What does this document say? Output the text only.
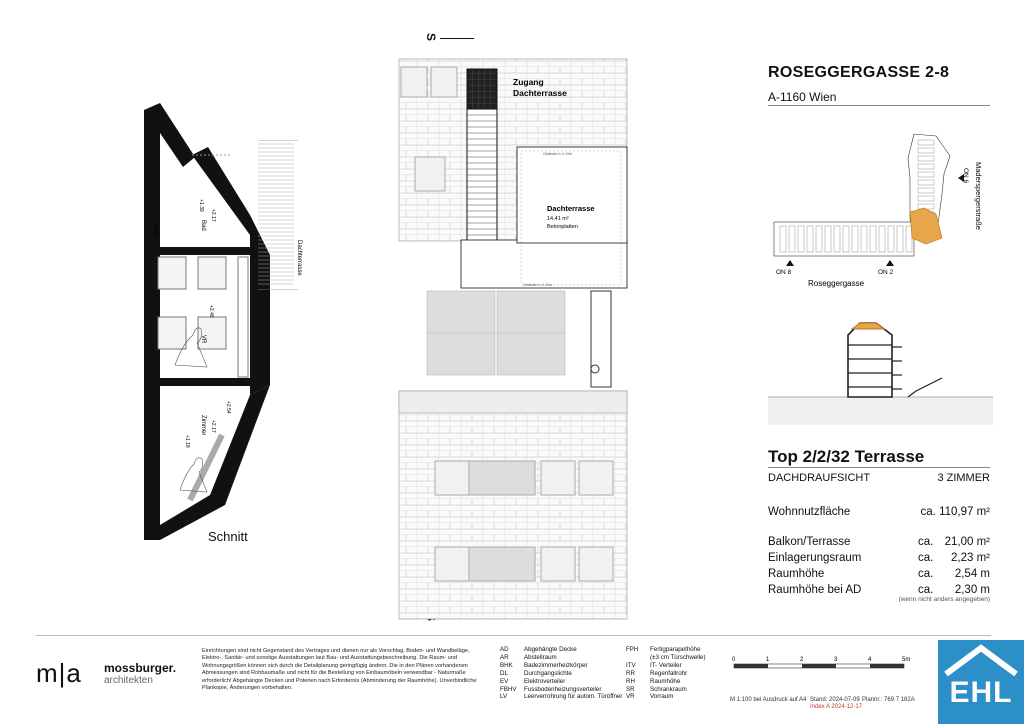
Bad
VR
Zimmer
FBOK
+1.39
+2.17
+2.46
+2.54
+2.17
+1.18
Dachterrasse
Schnitt
S
Zugang
Dachterrasse
Dachterrasse
14,41 m²
Betonplatten
Geländer h=1.10m
Geländer h=1.10m
ROSEGGERGASSE 2-8
A-1160 Wien
ON 8	ON 2
ON 6 Maderspergerstraße
Roseggergasse
Top 2/2/32 Terrasse
DACHDRAUFSICHT	3 ZIMMER
Wohnnutzfläche	ca. 110,97 m²
Balkon/Terrasse	ca. 21,00 m²
Einlagerungsraum	ca.	2,23 m²
Raumhöhe	ca.	2,54 m
Raumhöhe bei AD	ca.	2,30 m
(wenn nicht anders angegeben)
m|a mossburger.
architekten
Einrichtungen sind nicht Gegenstand des Vertrages und dienen nur als Vorschlag. Boden- und Wandbeläge, Elektro-, Sanitär- und sonstige Ausstattungen laut Bau- und Ausstattungsbeschreibung. Die Raum- und Wohnungsgrößen können sich durch die Detailplanung geringfügig ändern. Die in den Plänen vorhandenen Abmessungen sind Rohbaumaße und nicht für die Bestellung von Einbaumöbeln verwendbar - Naturmaße erforderlich! Abgehängte Decken und Poterien nach Erfordernis (Abminderung der Raumhöhe). Unverbindliche Plankopie, Änderungen vorbehalten.
AD Abgehängte Decke
AR Abstellraum
BHK Badezimmerheizkörper
DL	Durchgangslichte
EV	Elektroverteiler
FBHV Fussbodenheizungsverteiler
LV	Leerverrohrung für autom. Türöffner
FPH Fertigparapethöhe
(±3 cm Türschwelle)
ITV IT- Verteiler
RR Regenfallrohr
RH Raumhöhe
SR Schrankraum
VR Vorraum
0	1	2	3	4	5m
M 1:100 bei Ausdruck auf A4 Stand: 2024-07-09
Index A 2024-12-17
Plannr.: 769 7 182A	EHL
